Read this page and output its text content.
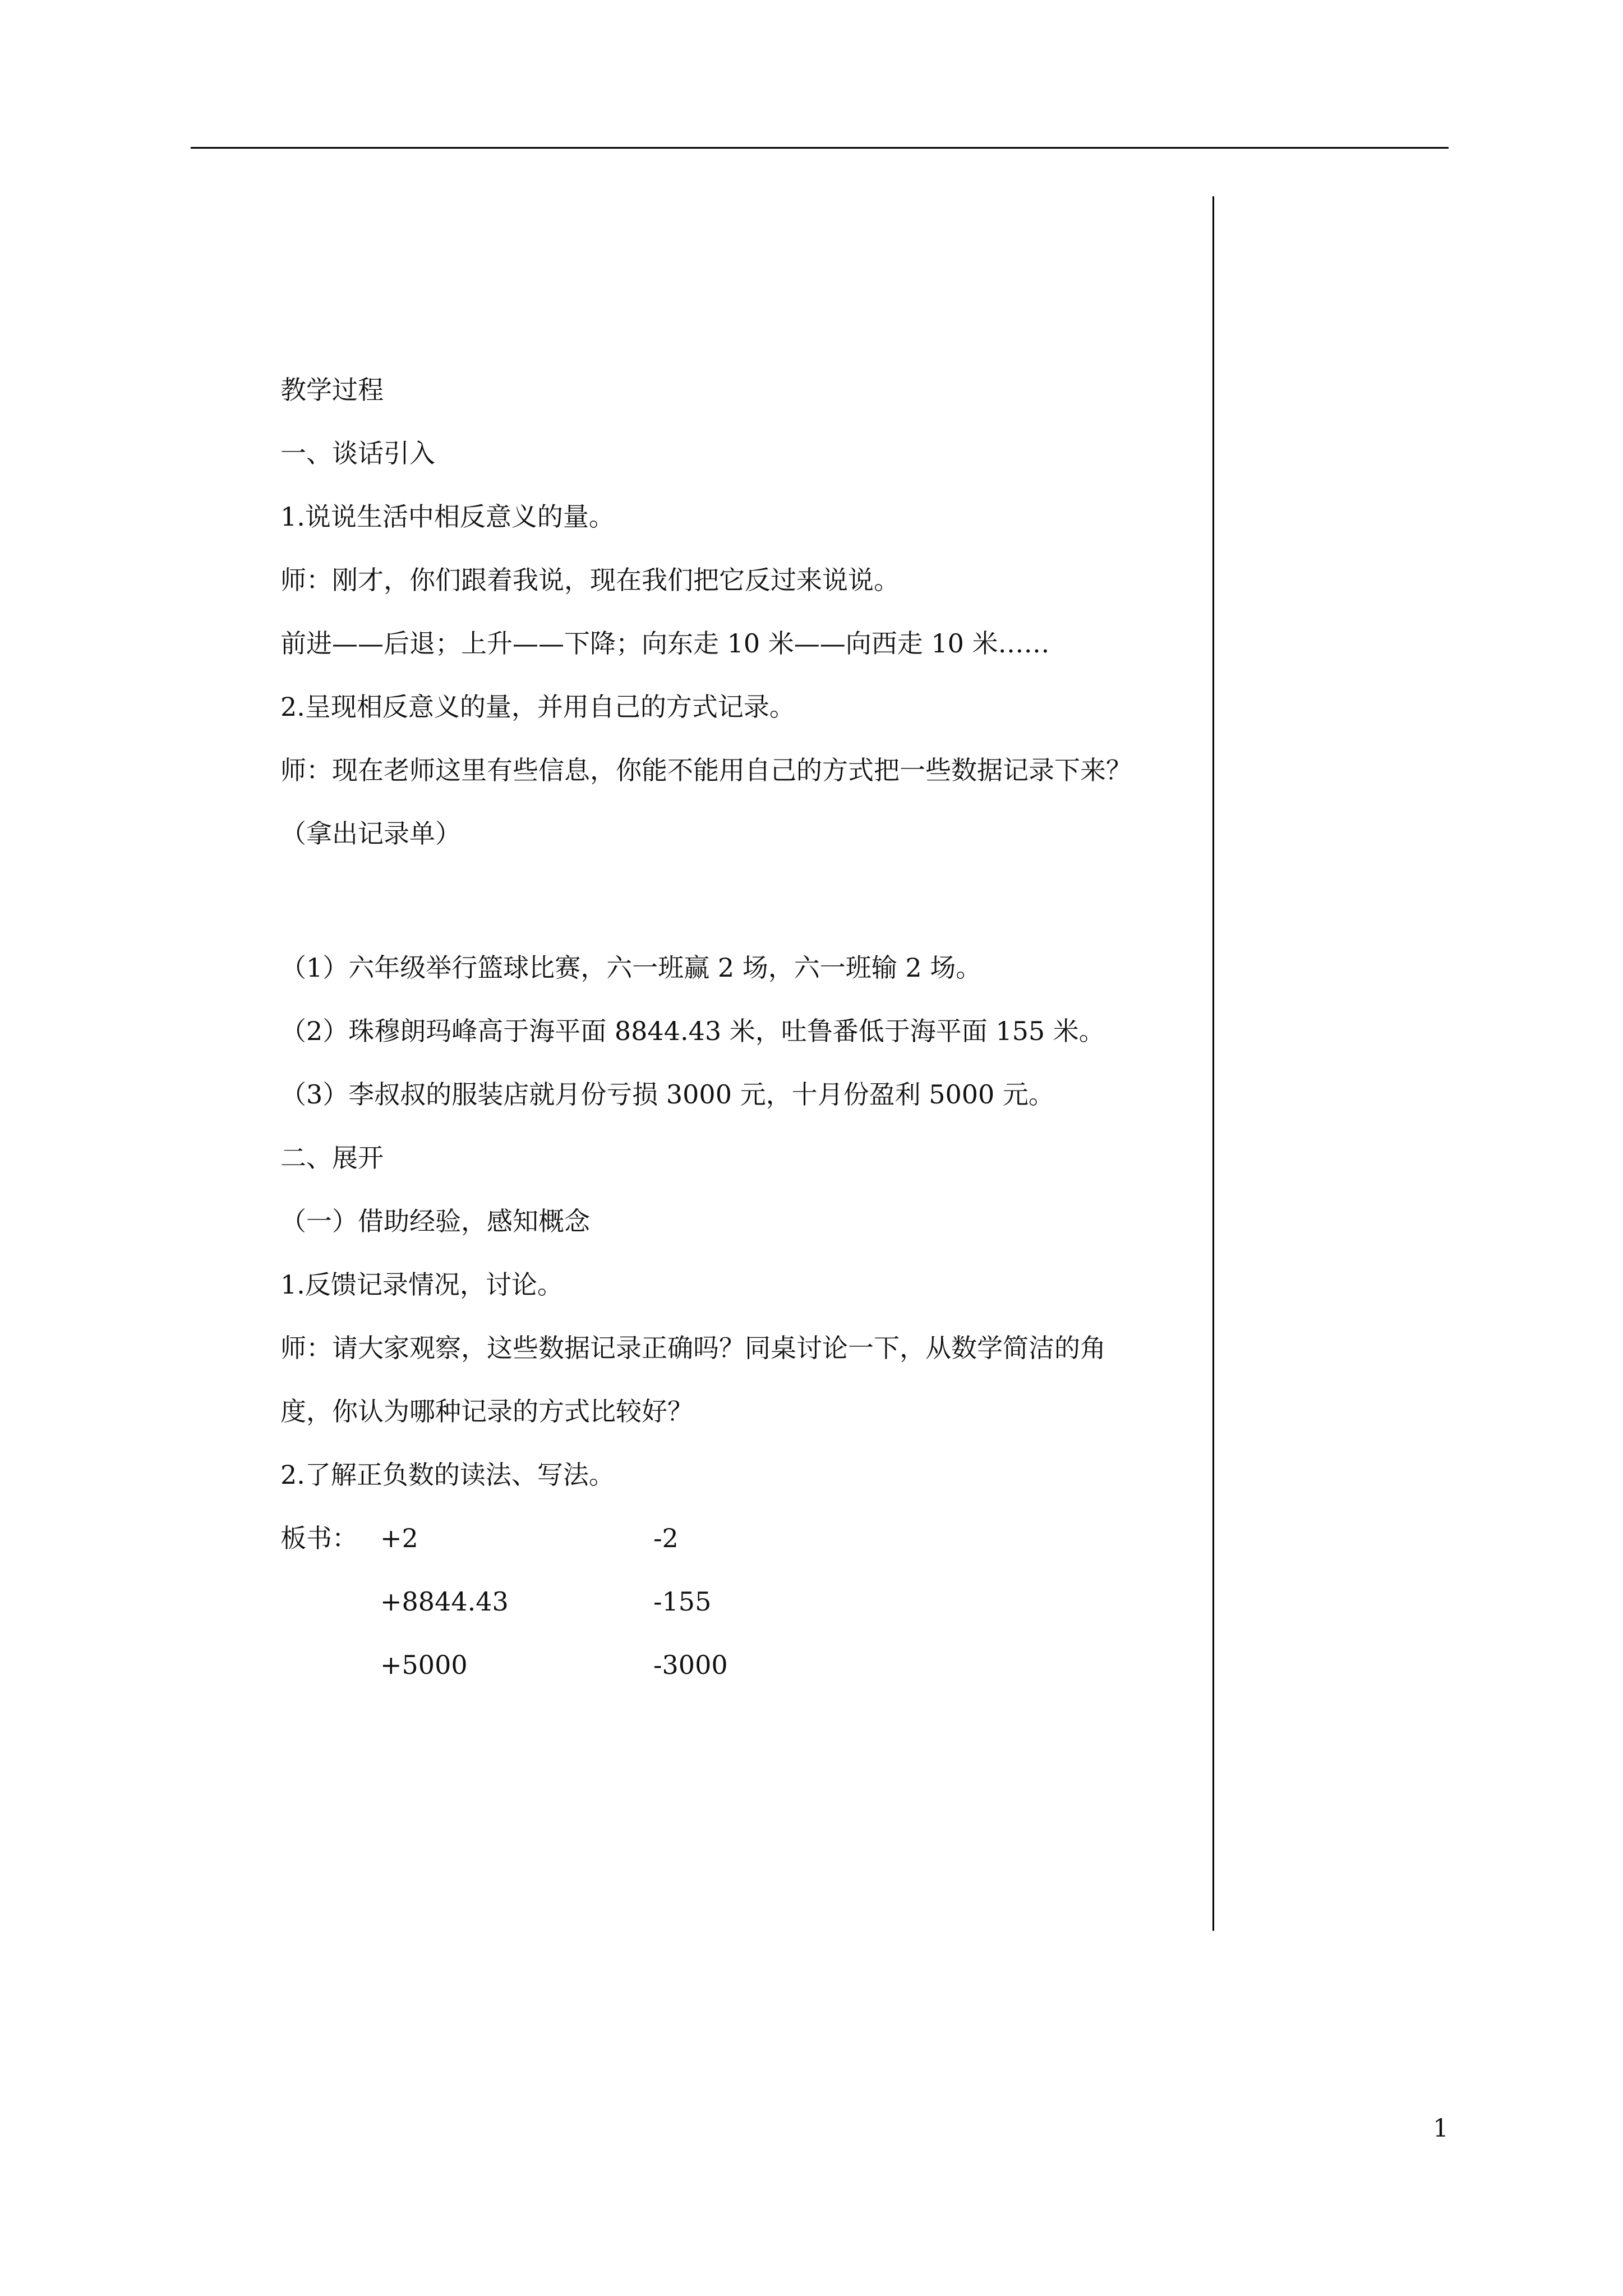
教学过程
一、谈话引入
1.说说生活中相反意义的量。
师：刚才，你们跟着我说，现在我们把它反过来说说。
前进——后退；上升——下降；向东走 10 米——向西走 10 米……
2.呈现相反意义的量，并用自己的方式记录。
师：现在老师这里有些信息，你能不能用自己的方式把一些数据记录下来？
（拿出记录单）
（1）六年级举行篮球比赛，六一班赢 2 场，六一班输 2 场。
（2）珠穆朗玛峰高于海平面 8844.43 米，吐鲁番低于海平面 155 米。
（3）李叔叔的服装店就月份亏损 3000 元，十月份盈利 5000 元。
二、展开
（一）借助经验，感知概念
1.反馈记录情况，讨论。
师：请大家观察，这些数据记录正确吗？同桌讨论一下，从数学简洁的角
度，你认为哪种记录的方式比较好？
2.了解正负数的读法、写法。
板书： +2	-2
+8844.43	-155
+5000	-3000
1
